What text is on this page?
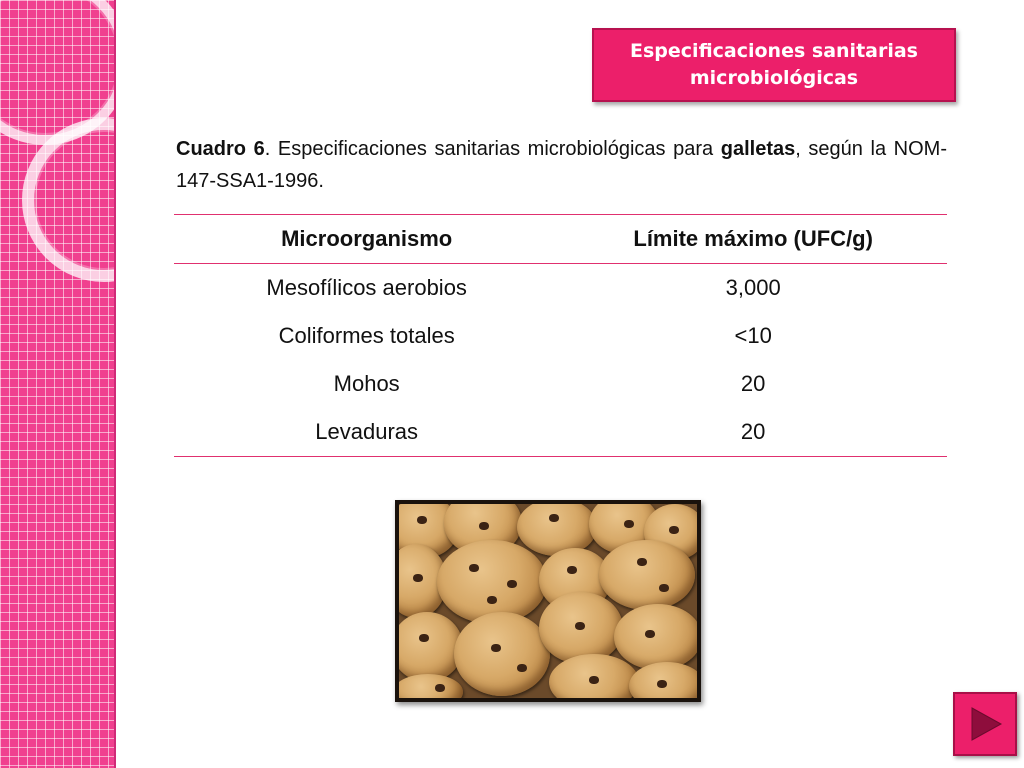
Especificaciones sanitarias
microbiológicas
Cuadro 6. Especificaciones sanitarias microbiológicas para galletas, según la NOM-147-SSA1-1996.
Microorganismo	Límite máximo (UFC/g)
Mesofílicos aerobios	3,000
Coliformes totales	<10
Mohos	20
Levaduras	20
